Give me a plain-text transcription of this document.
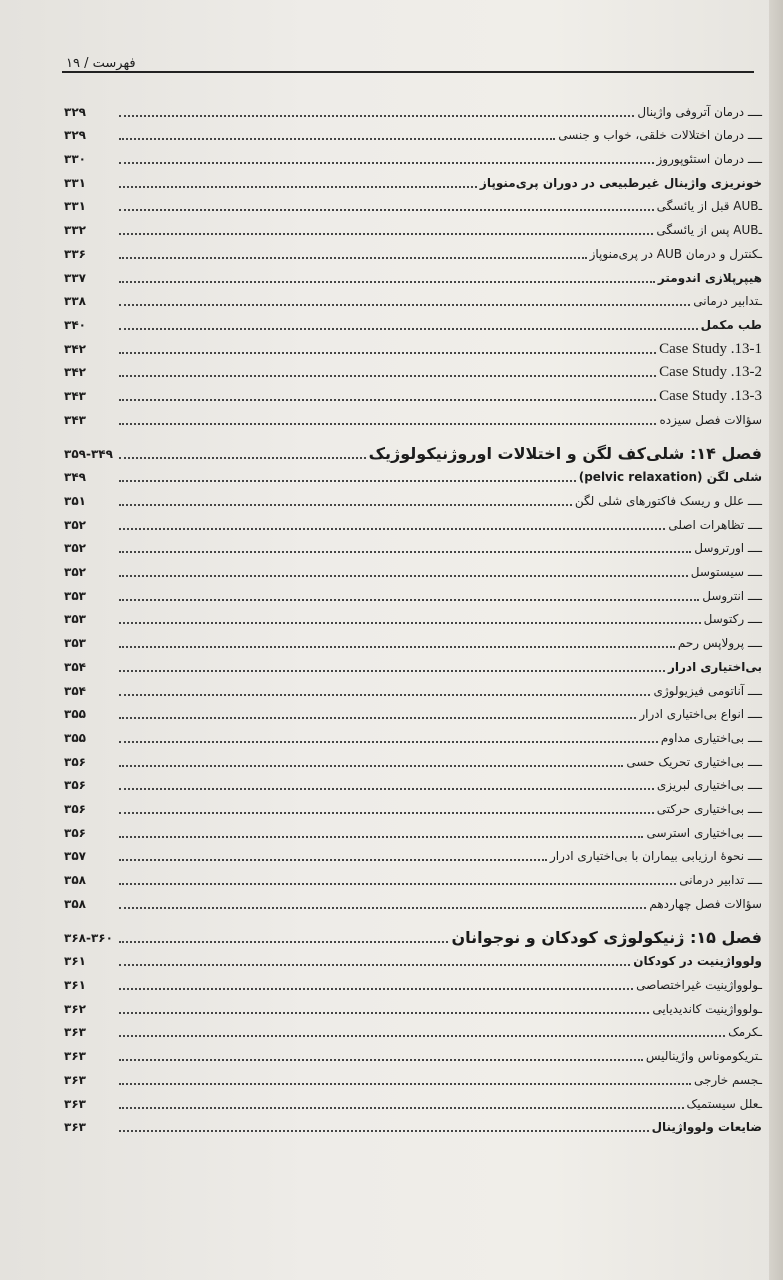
فهرست / ۱۹
ــــ درمان آتروفی واژینال
۳۲۹
ــــ درمان اختلالات خلقی، خواب و جنسی
۳۲۹
ــــ درمان استئوپوروز
۳۳۰
خونریزی واژینال غیرطبیعی در دوران پری‌منوپاز
۳۳۱
ـAUB قبل از یائسگی
۳۳۱
ـAUB پس از یائسگی
۳۳۲
ـکنترل و درمان AUB در پری‌منوپاز
۳۳۶
هیپرپلازی اندومتر
۳۳۷
ـتدابیر درمانی
۳۳۸
طب مکمل
۳۴۰
Case Study .13-1
۳۴۲
Case Study .13-2
۳۴۲
Case Study .13-3
۳۴۳
سؤالات فصل سیزده
۳۴۳
فصل ۱۴: شلی‌کف لگن و اختلالات اوروژنیکولوژیک
۳۵۹-۳۴۹
شلی لگن (pelvic relaxation)
۳۴۹
ــــ علل و ریسک فاکتورهای شلی لگن
۳۵۱
ــــ تظاهرات اصلی
۳۵۲
ــــ اورتروسل
۳۵۲
ــــ سیستوسل
۳۵۲
ــــ انتروسل
۳۵۳
ــــ رکتوسل
۳۵۳
ــــ پرولاپس رحم
۳۵۳
بی‌اختیاری ادرار
۳۵۴
ــــ آناتومی فیزیولوژی
۳۵۴
ــــ انواع بی‌اختیاری ادرار
۳۵۵
ــــ بی‌اختیاری مداوم
۳۵۵
ــــ بی‌اختیاری تحریک حسی
۳۵۶
ــــ بی‌اختیاری لبریزی
۳۵۶
ــــ بی‌اختیاری حرکتی
۳۵۶
ــــ بی‌اختیاری استرسی
۳۵۶
ــــ نحوهٔ ارزیابی بیماران با بی‌اختیاری ادرار
۳۵۷
ــــ تدابیر درمانی
۳۵۸
سؤالات فصل چهاردهم
۳۵۸
فصل ۱۵: ژنیکولوژی کودکان و نوجوانان
۳۶۸-۳۶۰
ولوواژینیت در کودکان
۳۶۱
ـولوواژینیت غیراختصاصی
۳۶۱
ـولوواژینیت کاندیدیایی
۳۶۲
ـکرمک
۳۶۳
ـتریکوموناس واژینالیس
۳۶۳
ـجسم خارجی
۳۶۳
ـعلل سیستمیک
۳۶۳
ضایعات ولوواژینال
۳۶۳
